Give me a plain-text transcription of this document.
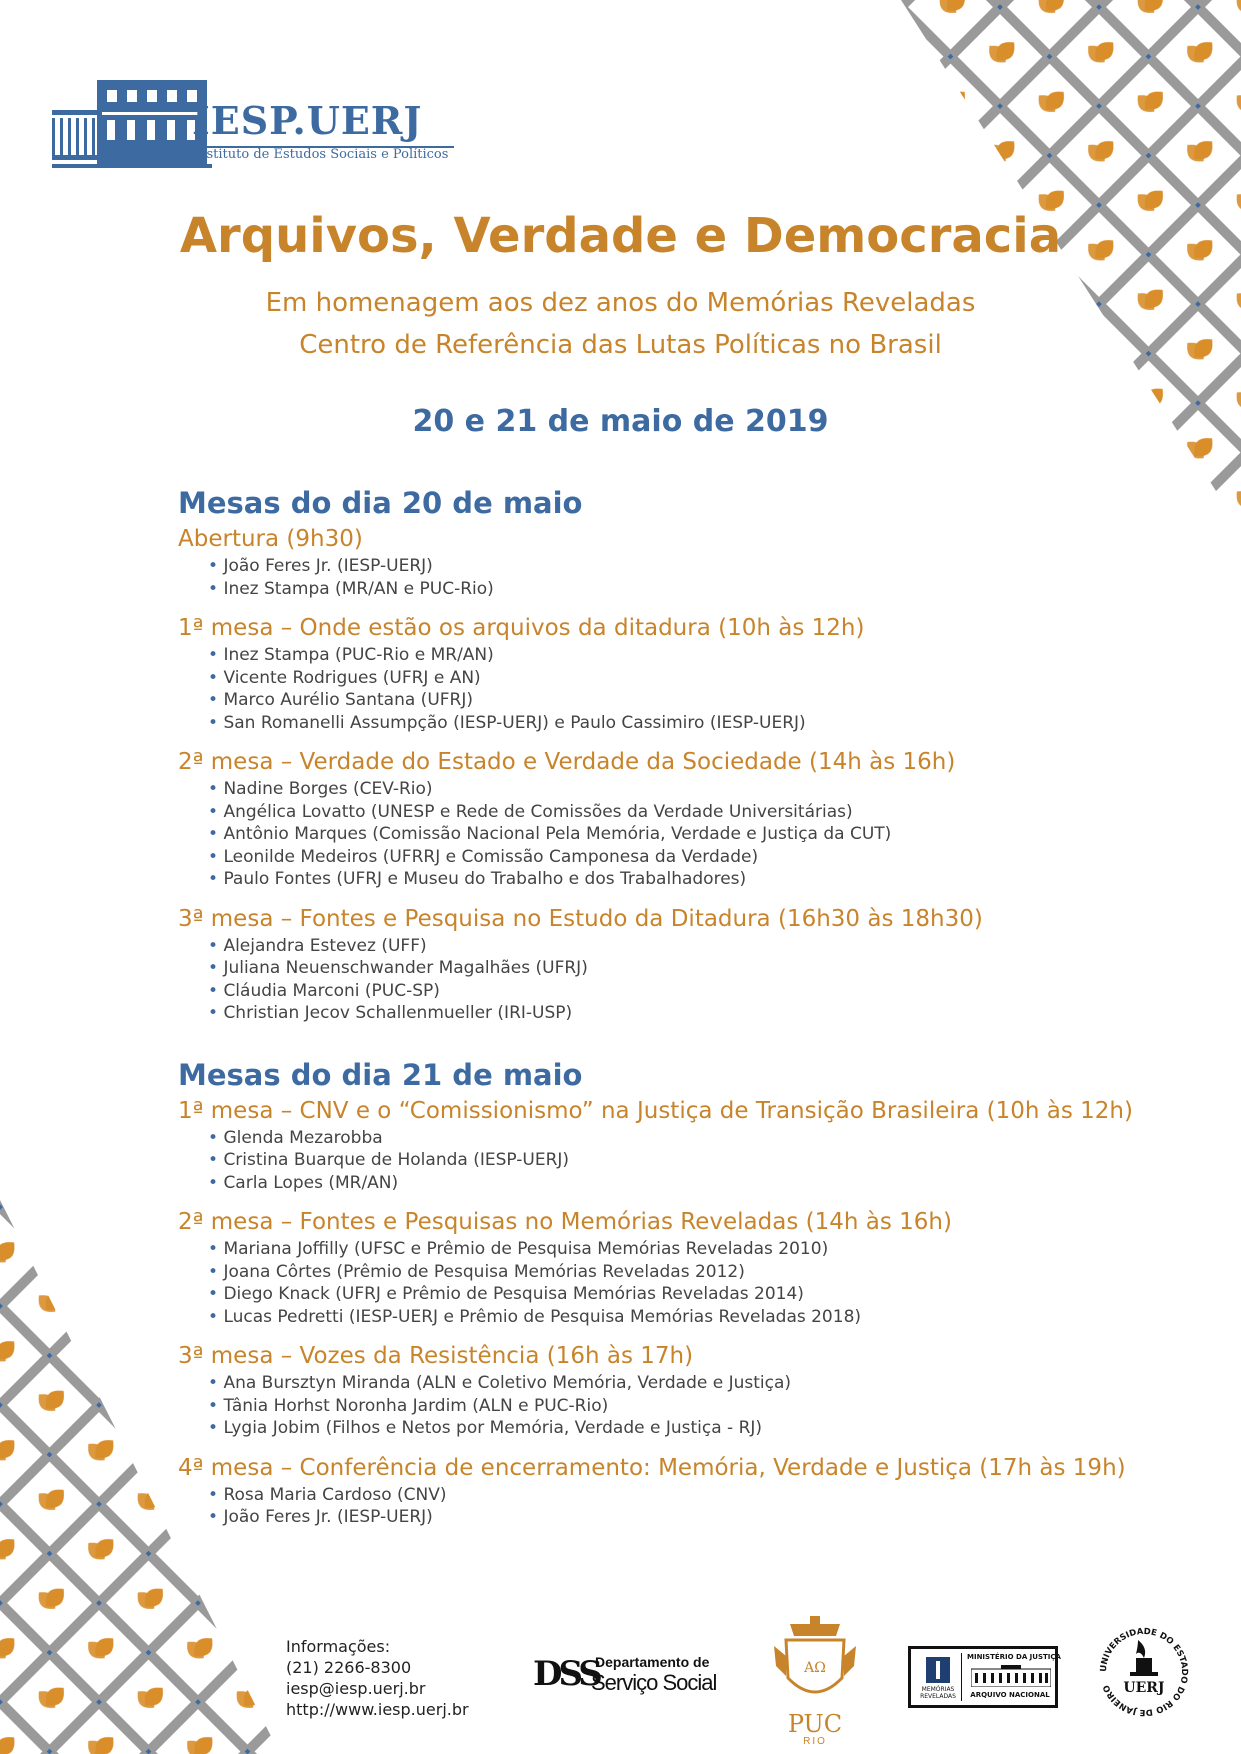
IESP.UERJ
Instituto de Estudos Sociais e Políticos
Arquivos, Verdade e Democracia
Em homenagem aos dez anos do Memórias Reveladas
Centro de Referência das Lutas Políticas no Brasil
20 e 21 de maio de 2019
Mesas do dia 20 de maio
Abertura (9h30)
• João Feres Jr. (IESP-UERJ)
• Inez Stampa (MR/AN e PUC-Rio)
1ª mesa – Onde estão os arquivos da ditadura (10h às 12h)
• Inez Stampa (PUC-Rio e MR/AN)
• Vicente Rodrigues (UFRJ e AN)
• Marco Aurélio Santana (UFRJ)
• San Romanelli Assumpção (IESP-UERJ) e Paulo Cassimiro (IESP-UERJ)
2ª mesa – Verdade do Estado e Verdade da Sociedade (14h às 16h)
• Nadine Borges (CEV-Rio)
• Angélica Lovatto (UNESP e Rede de Comissões da Verdade Universitárias)
• Antônio Marques (Comissão Nacional Pela Memória, Verdade e Justiça da CUT)
• Leonilde Medeiros (UFRRJ e Comissão Camponesa da Verdade)
• Paulo Fontes (UFRJ e Museu do Trabalho e dos Trabalhadores)
3ª mesa – Fontes e Pesquisa no Estudo da Ditadura (16h30 às 18h30)
• Alejandra Estevez (UFF)
• Juliana Neuenschwander Magalhães (UFRJ)
• Cláudia Marconi (PUC-SP)
• Christian Jecov Schallenmueller (IRI-USP)
Mesas do dia 21 de maio
1ª mesa – CNV e o “Comissionismo” na Justiça de Transição Brasileira (10h às 12h)
• Glenda Mezarobba
• Cristina Buarque de Holanda (IESP-UERJ)
• Carla Lopes (MR/AN)
2ª mesa – Fontes e Pesquisas no Memórias Reveladas (14h às 16h)
• Mariana Joffilly (UFSC e Prêmio de Pesquisa Memórias Reveladas 2010)
• Joana Côrtes (Prêmio de Pesquisa Memórias Reveladas 2012)
• Diego Knack (UFRJ e Prêmio de Pesquisa Memórias Reveladas 2014)
• Lucas Pedretti (IESP-UERJ e Prêmio de Pesquisa Memórias Reveladas 2018)
3ª mesa – Vozes da Resistência (16h às 17h)
• Ana Bursztyn Miranda (ALN e Coletivo Memória, Verdade e Justiça)
• Tânia Horhst Noronha Jardim (ALN e PUC-Rio)
• Lygia Jobim (Filhos e Netos por Memória, Verdade e Justiça - RJ)
4ª mesa – Conferência de encerramento: Memória, Verdade e Justiça (17h às 19h)
• Rosa Maria Cardoso (CNV)
• João Feres Jr. (IESP-UERJ)
Informações:
(21) 2266-8300
iesp@iesp.uerj.br
http://www.iesp.uerj.br
DSS
Departamento de
Serviço Social
AΩ
PUC
RIO
MEMÓRIAS REVELADAS
MINISTÉRIO DA JUSTIÇA
ARQUIVO NACIONAL
UNIVERSIDADE DO ESTADO DO RIO DE JANEIRO UERJ
